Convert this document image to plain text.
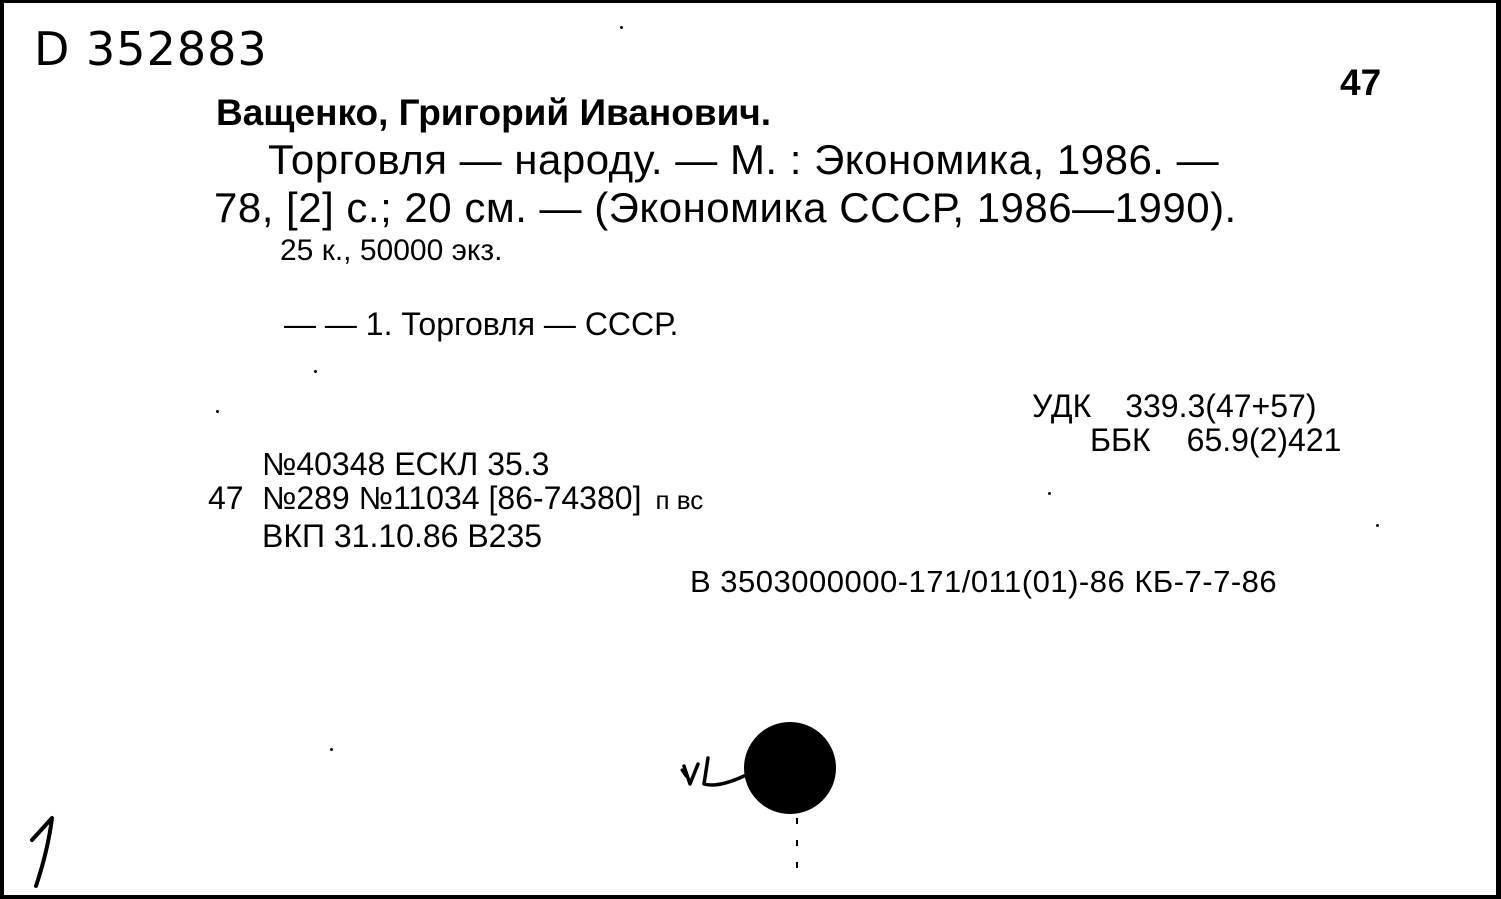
D 352883
47
Ващенко, Григорий Иванович.
Торговля — народу. — М. : Экономика, 1986. —
78, [2] с.; 20 см. — (Экономика СССР, 1986—1990).
25 к., 50000 экз.
— — 1. Торговля — СССР.
УДК 339.3(47+57)
ББК 65.9(2)421
№40348 ЕСКЛ 35.3
47 №289 №11034 [86-74380] п вс
ВКП 31.10.86 В235
В 3503000000-171/011(01)-86 КБ-7-7-86
